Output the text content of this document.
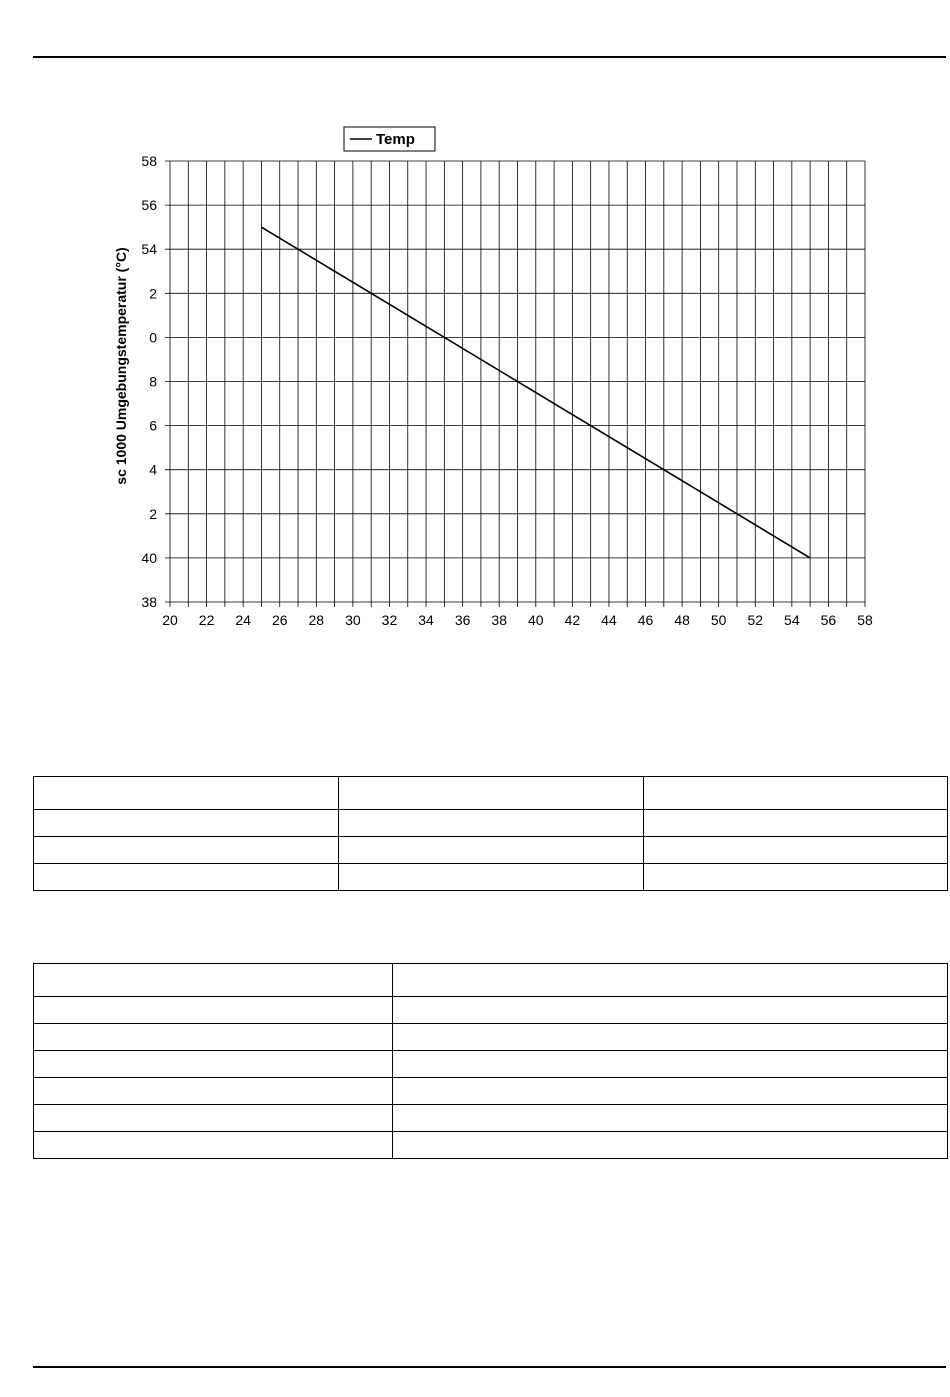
20 22 24 26 28 30 32 34 36 38 40 42 44 46 48 50 52 54 56 58
38
40
2
4
6
8
0
2
54
56
58
sc 1000 Umgebungstemperatur (°C)
Temp
